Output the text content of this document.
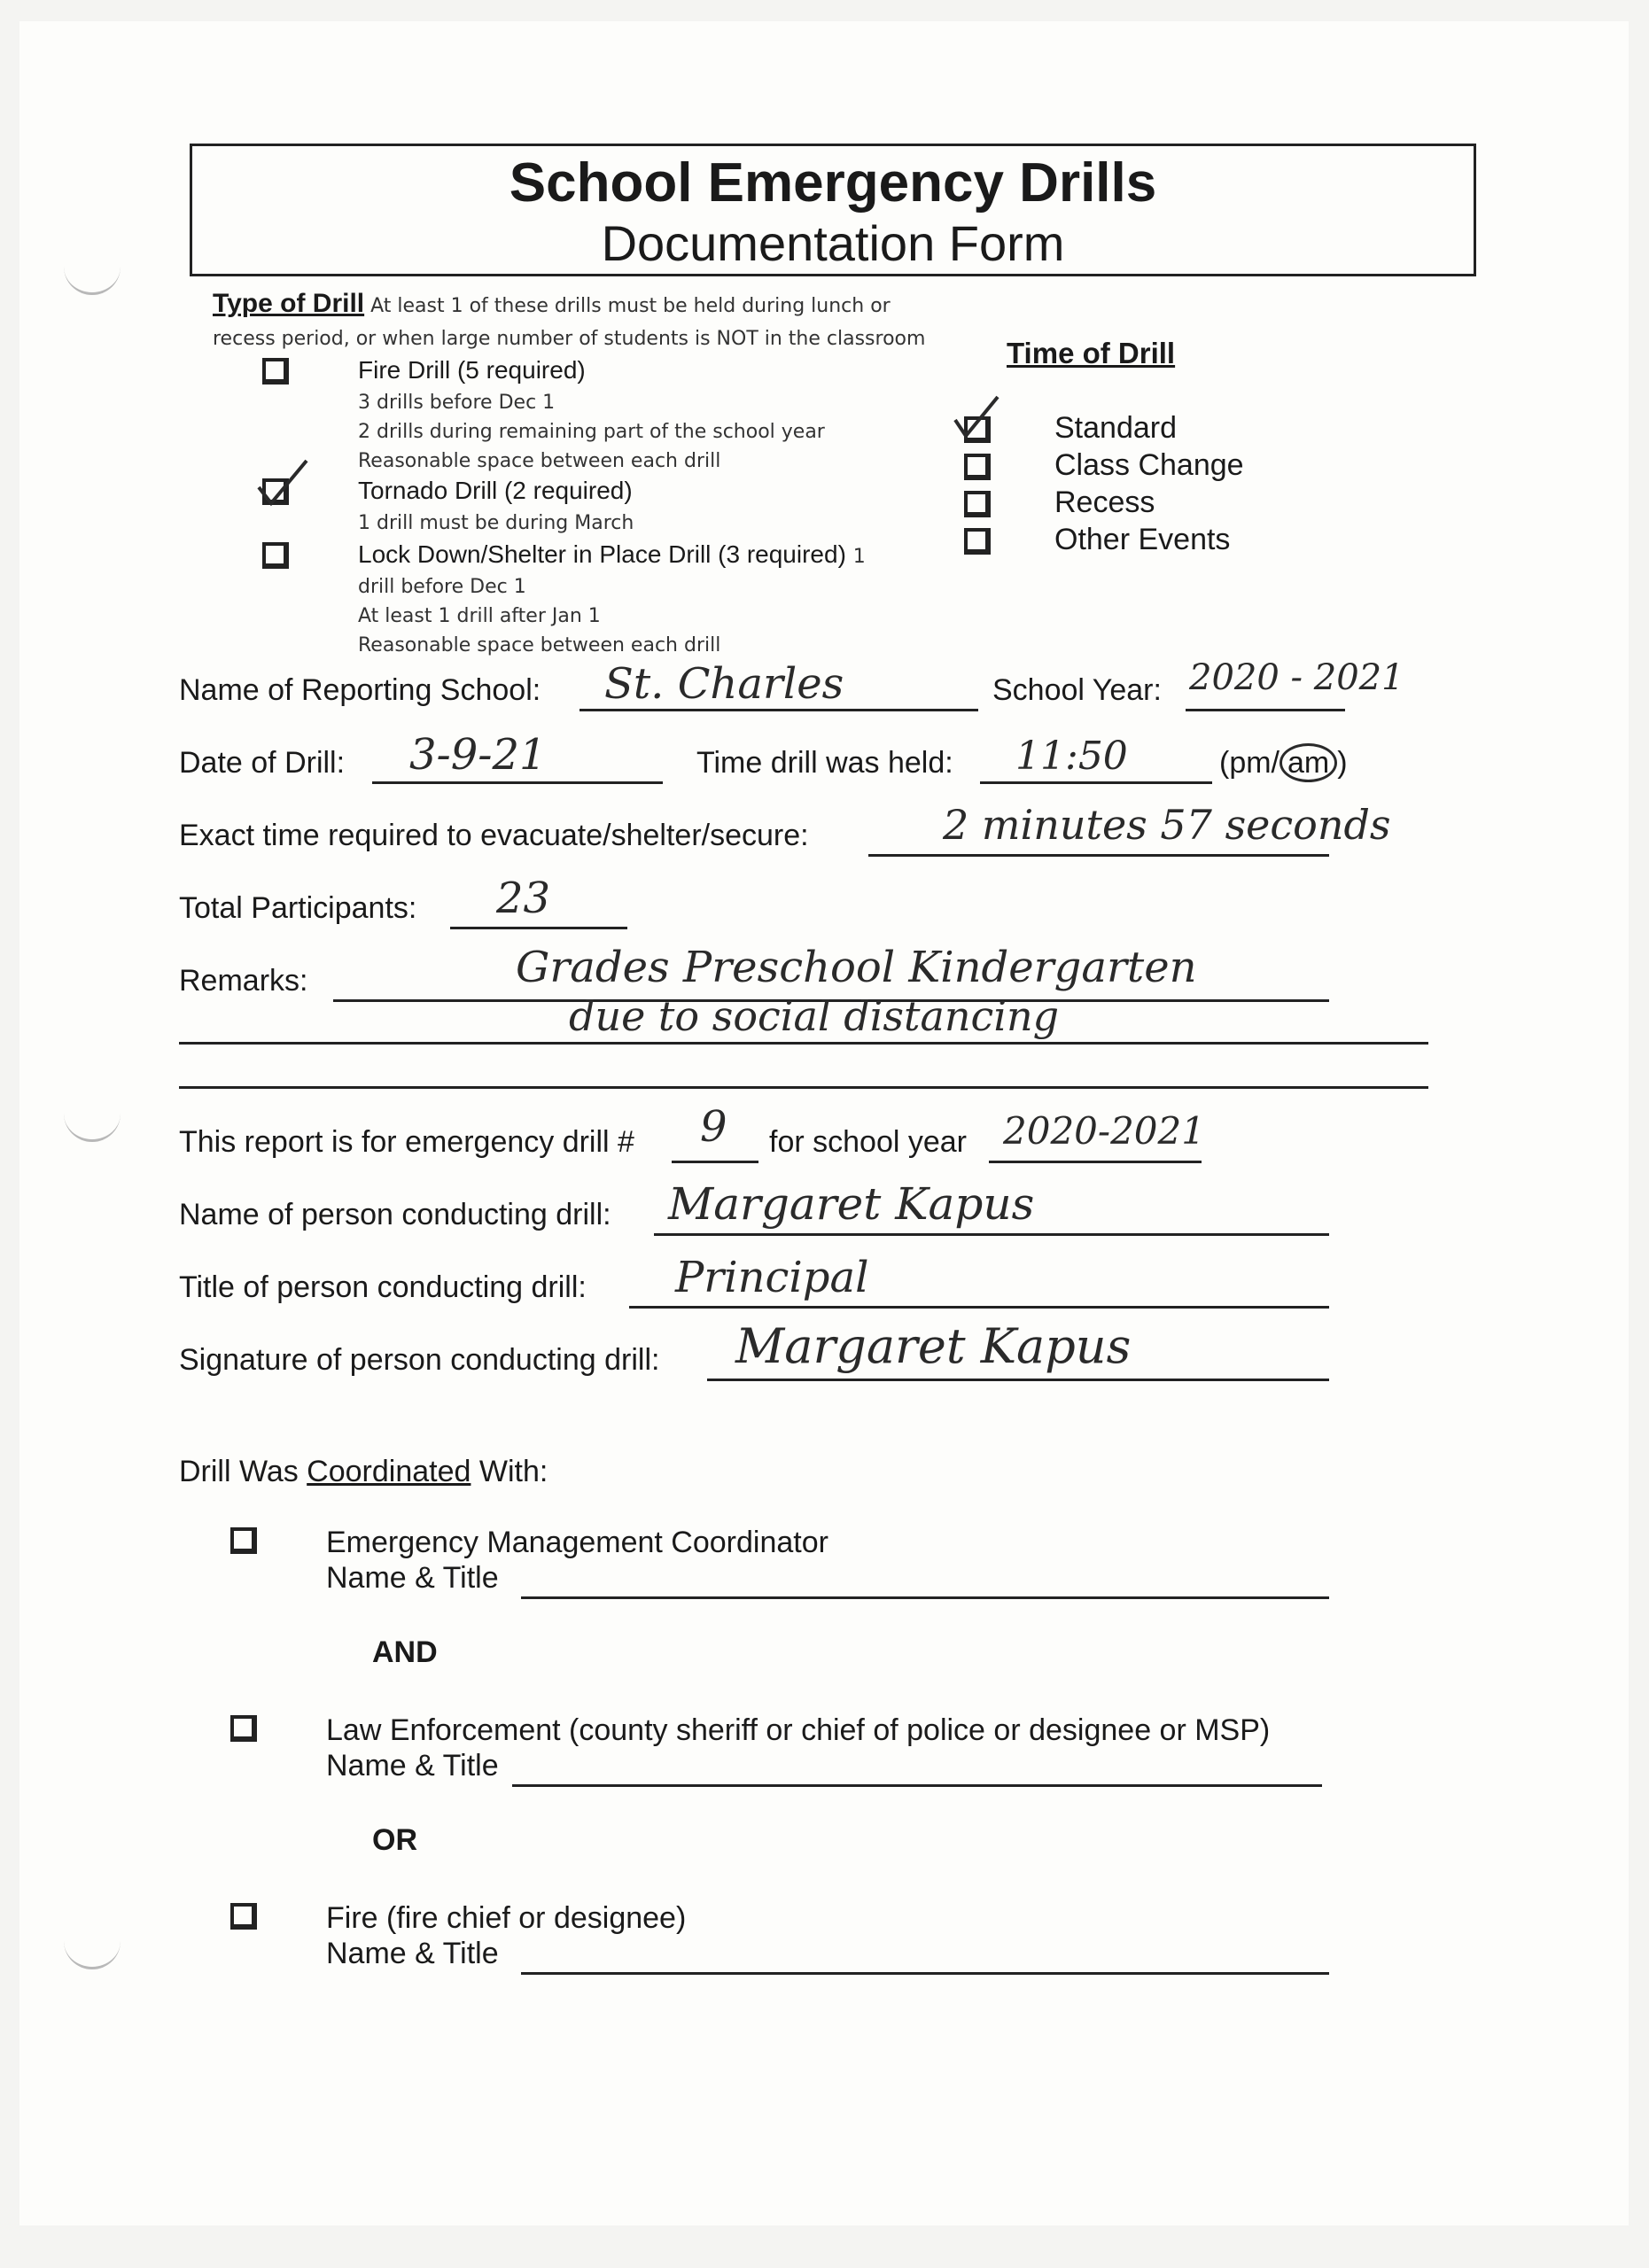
School Emergency Drills
Documentation Form
Type of Drill At least 1 of these drills must be held during lunch or
recess period, or when large number of students is NOT in the classroom	Time of Drill
Fire Drill (5 required)
3 drills before Dec 1
2 drills during remaining part of the school year
Reasonable space between each drill
Tornado Drill (2 required)
1 drill must be during March
Lock Down/Shelter in Place Drill (3 required) 1
drill before Dec 1
At least 1 drill after Jan 1
Reasonable space between each drill
Standard
Class Change
Recess
Other Events
Name of Reporting School: St. Charles	School Year: 2020 - 2021
Date of Drill: 3-9-21	Time drill was held: 11:50	(pm/ am )
Exact time required to evacuate/shelter/secure:	2 minutes 57 seconds
Total Participants: 23
Remarks:	Grades Preschool Kindergarten
due to social distancing
This report is for emergency drill # 9 for school year 2020-2021
Name of person conducting drill: Margaret Kapus
Title of person conducting drill: Principal
Signature of person conducting drill: Margaret Kapus
Drill Was Coordinated With:
Emergency Management Coordinator
Name & Title
AND
Law Enforcement (county sheriff or chief of police or designee or MSP)
Name & Title
OR
Fire (fire chief or designee)
Name & Title
